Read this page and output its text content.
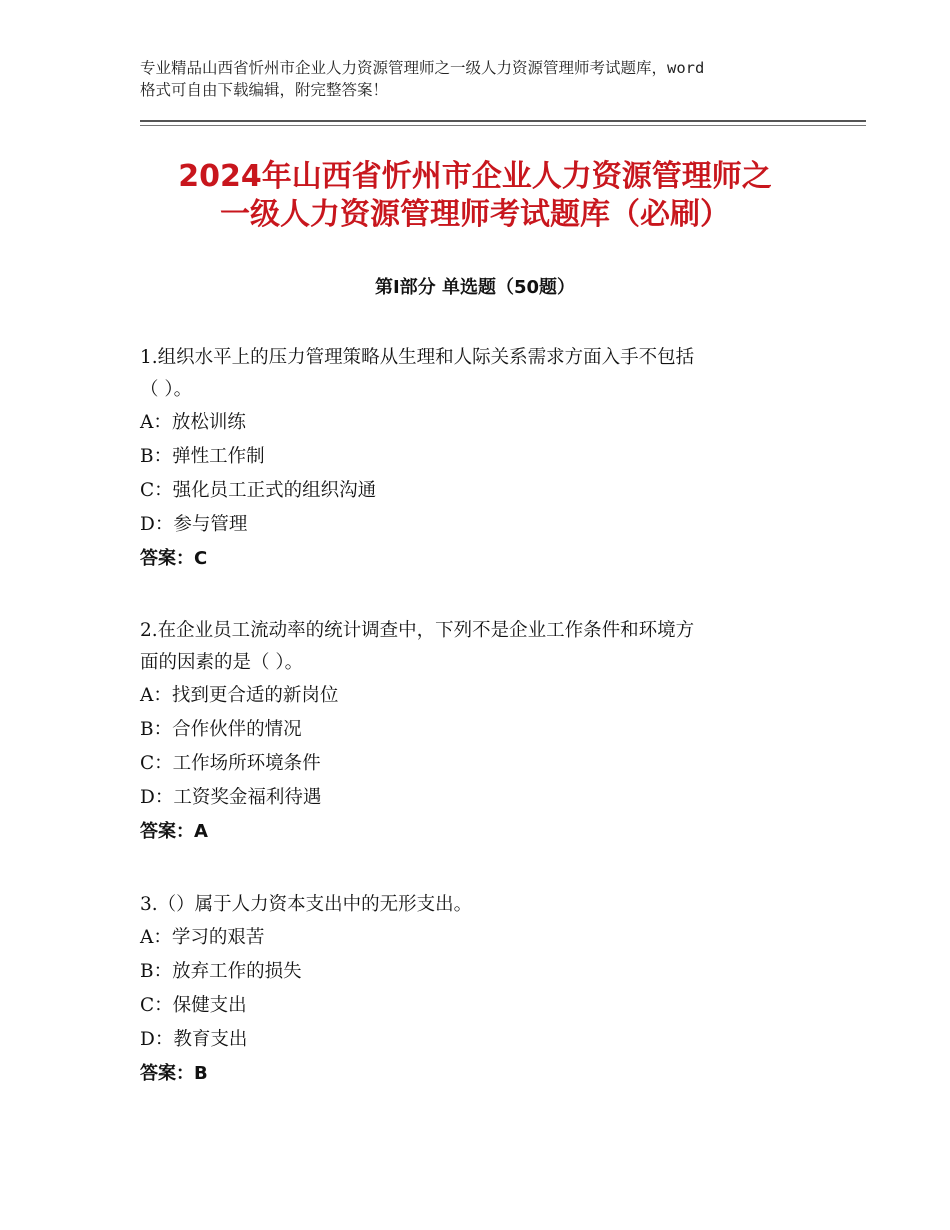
专业精品山西省忻州市企业人力资源管理师之一级人力资源管理师考试题库，word
格式可自由下载编辑，附完整答案！
2024年山西省忻州市企业人力资源管理师之
一级人力资源管理师考试题库（必刷）
第Ⅰ部分 单选题（50题）
1.组织水平上的压力管理策略从生理和人际关系需求方面入手不包括
（ ）。
A：放松训练
B：弹性工作制
C：强化员工正式的组织沟通
D：参与管理
答案：C
2.在企业员工流动率的统计调查中，下列不是企业工作条件和环境方
面的因素的是（ ）。
A：找到更合适的新岗位
B：合作伙伴的情况
C：工作场所环境条件
D：工资奖金福利待遇
答案：A
3.（）属于人力资本支出中的无形支出。
A：学习的艰苦
B：放弃工作的损失
C：保健支出
D：教育支出
答案：B
